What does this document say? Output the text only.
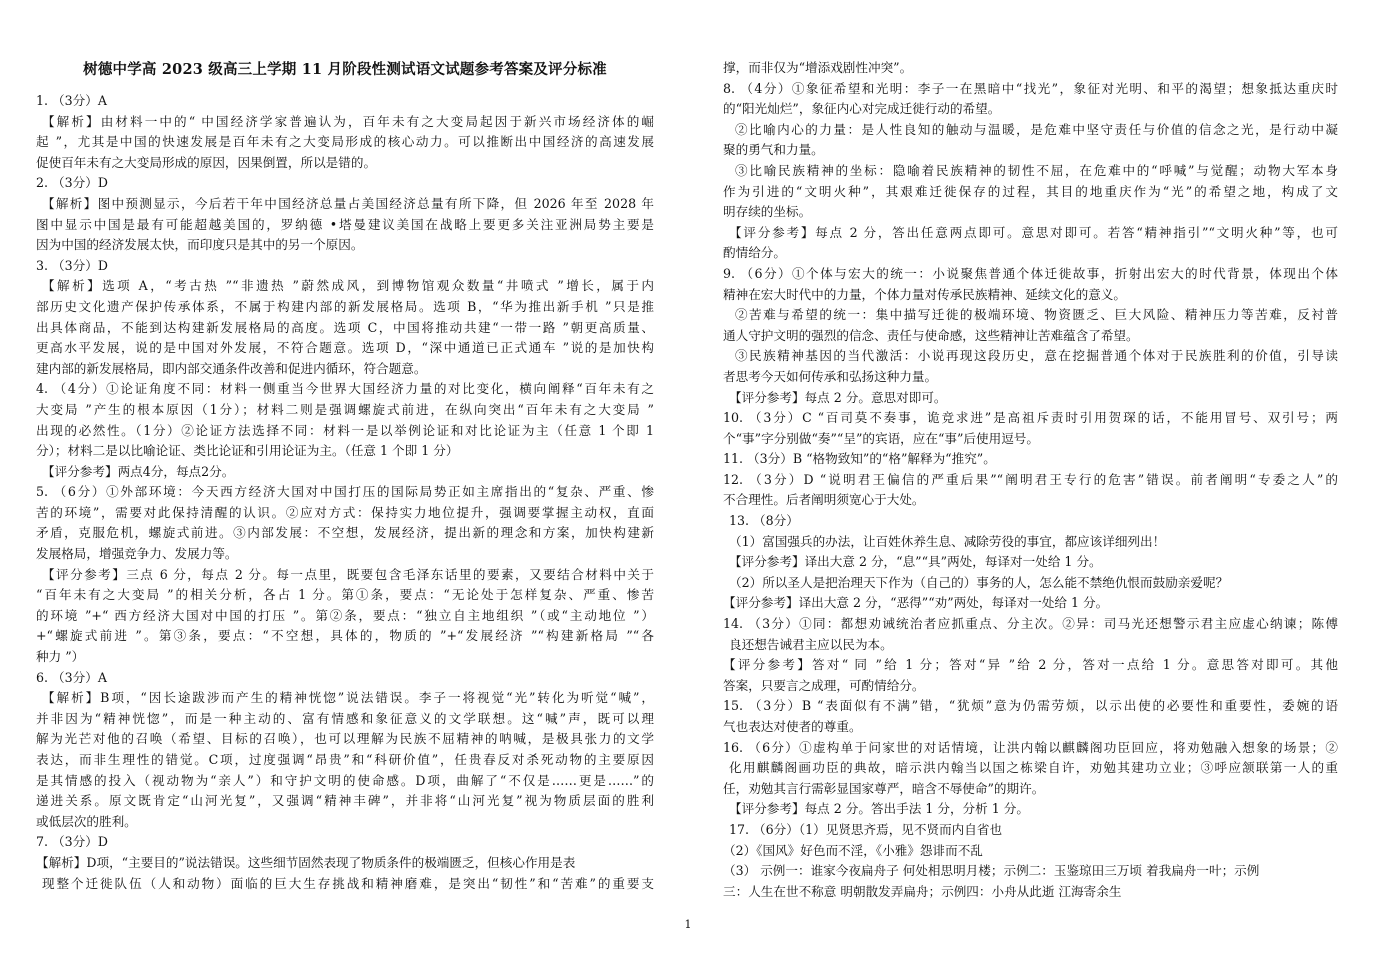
树德中学高 2023 级高三上学期 11 月阶段性测试语文试题参考答案及评分标准
1. （3分）A
【解析】由材料一中的“ 中国经济学家普遍认为，百年未有之大变局起因于新兴市场经济体的崛
起 ”，尤其是中国的快速发展是百年未有之大变局形成的核心动力。可以推断出中国经济的高速发展
促使百年未有之大变局形成的原因，因果倒置，所以是错的。
2. （3分）D
【解析】图中预测显示，今后若干年中国经济总量占美国经济总量有所下降，但 2026 年至 2028 年
图中显示中国是最有可能超越美国的，罗纳德 •塔曼建议美国在战略上要更多关注亚洲局势主要是
因为中国的经济发展太快，而印度只是其中的另一个原因。
3. （3分）D
【解析】选项 A，“考古热 ”“非遗热 ”蔚然成风，到博物馆观众数量“井喷式 ”增长，属于内
部历史文化遗产保护传承体系，不属于构建内部的新发展格局。选项 B，“华为推出新手机 ”只是推
出具体商品，不能到达构建新发展格局的高度。选项 C，中国将推动共建“一带一路 ”朝更高质量、
更高水平发展，说的是中国对外发展，不符合题意。选项 D，“深中通道已正式通车 ”说的是加快构
建内部的新发展格局，即内部交通条件改善和促进内循环，符合题意。
4. （4分）①论证角度不同：材料一侧重当今世界大国经济力量的对比变化，横向阐释“百年未有之
大变局 ”产生的根本原因（1分）；材料二则是强调螺旋式前进，在纵向突出“百年未有之大变局 ”
出现的必然性。（1分）②论证方法选择不同：材料一是以举例论证和对比论证为主（任意 1 个即 1
分）；材料二是以比喻论证、类比论证和引用论证为主。（任意 1 个即 1 分）
【评分参考】两点4分，每点2分。
5. （6分）①外部环境：今天西方经济大国对中国打压的国际局势正如主席指出的“复杂、严重、惨
苦的环境”，需要对此保持清醒的认识。②应对方式：保持实力地位提升，强调要掌握主动权，直面
矛盾，克服危机，螺旋式前进。③内部发展：不空想，发展经济，提出新的理念和方案，加快构建新
发展格局，增强竞争力、发展力等。
【评分参考】三点 6 分，每点 2 分。每一点里，既要包含毛泽东话里的要素，又要结合材料中关于
“百年未有之大变局 ”的相关分析，各占 1 分。第①条，要点：“无论处于怎样复杂、严重、惨苦
的环境 ”+“ 西方经济大国对中国的打压 ”。第②条，要点：“独立自主地组织 ”（或“主动地位 ”）
+“螺旋式前进 ”。第③条，要点：“不空想，具体的，物质的 ”+“发展经济 ”“构建新格局 ”“各
种力 ”）
6. （3分）A
【解析】B项，“因长途跋涉而产生的精神恍惚”说法错误。李子一将视觉“光”转化为听觉“喊”，
并非因为“精神恍惚”，而是一种主动的、富有情感和象征意义的文学联想。这“喊”声，既可以理
解为光芒对他的召唤（希望、目标的召唤），也可以理解为民族不屈精神的呐喊，是极具张力的文学
表达，而非生理性的错觉。C项，过度强调“昂贵”和“科研价值”，任贵春反对杀死动物的主要原因
是其情感的投入（视动物为“亲人”）和守护文明的使命感。D项，曲解了“不仅是……更是……”的
递进关系。原文既肯定“山河光复”，又强调“精神丰碑”，并非将“山河光复”视为物质层面的胜利
或低层次的胜利。
7. （3分）D
【解析】D项，“主要目的”说法错误。这些细节固然表现了物质条件的极端匮乏，但核心作用是表
现整个迁徙队伍（人和动物）面临的巨大生存挑战和精神磨难，是突出“韧性”和“苦难”的重要支
撑，而非仅为“增添戏剧性冲突”。
8. （4分）①象征希望和光明：李子一在黑暗中“找光”，象征对光明、和平的渴望；想象抵达重庆时
的“阳光灿烂”，象征内心对完成迁徙行动的希望。
②比喻内心的力量：是人性良知的触动与温暖，是危难中坚守责任与价值的信念之光，是行动中凝
聚的勇气和力量。
③比喻民族精神的坐标：隐喻着民族精神的韧性不屈，在危难中的“呼喊”与觉醒；动物大军本身
作为引进的“文明火种”，其艰难迁徙保存的过程，其目的地重庆作为“光”的希望之地，构成了文
明存续的坐标。
【评分参考】每点 2 分，答出任意两点即可。意思对即可。若答“精神指引”“文明火种”等，也可
酌情给分。
9. （6分）①个体与宏大的统一：小说聚焦普通个体迁徙故事，折射出宏大的时代背景，体现出个体
精神在宏大时代中的力量，个体力量对传承民族精神、延续文化的意义。
②苦难与希望的统一：集中描写迁徙的极端环境、物资匮乏、巨大风险、精神压力等苦难，反衬普
通人守护文明的强烈的信念、责任与使命感，这些精神让苦难蕴含了希望。
③民族精神基因的当代激活：小说再现这段历史，意在挖掘普通个体对于民族胜利的价值，引导读
者思考今天如何传承和弘扬这种力量。
【评分参考】每点 2 分。意思对即可。
10. （3分）C “百司莫不奏事，诡竞求进”是高祖斥责时引用贺琛的话，不能用冒号、双引号；两
个“事”字分别做“奏”“呈”的宾语，应在“事”后使用逗号。
11. （3分）B “格物致知”的“格”解释为“推究”。
12. （3分）D “说明君王偏信的严重后果”“阐明君王专行的危害”错误。前者阐明“专委之人”的
不合理性。后者阐明须宽心于大处。
13. （8分）
（1）富国强兵的办法，让百姓休养生息、减除劳役的事宜，都应该详细列出！
【评分参考】译出大意 2 分，“息”“具”两处，每译对一处给 1 分。
（2）所以圣人是把治理天下作为（自己的）事务的人，怎么能不禁绝仇恨而鼓励亲爱呢？
【评分参考】译出大意 2 分，“恶得”“劝”两处，每译对一处给 1 分。
14. （3分）①同：都想劝诫统治者应抓重点、分主次。②异：司马光还想警示君主应虚心纳谏；陈傅
良还想告诫君主应以民为本。
【评分参考】答对“ 同 ”给 1 分；答对“异 ”给 2 分，答对一点给 1 分。意思答对即可。其他
答案，只要言之成理，可酌情给分。
15. （3分）B “表面似有不满”错，“犹烦”意为仍需劳烦，以示出使的必要性和重要性，委婉的语
气也表达对使者的尊重。
16. （6分）①虚构单于问家世的对话情境，让洪内翰以麒麟阁功臣回应，将劝勉融入想象的场景；②
化用麒麟阁画功臣的典故，暗示洪内翰当以国之栋梁自许，劝勉其建功立业；③呼应颔联第一人的重
任，劝勉其言行需彰显国家尊严，暗含不辱使命”的期许。
【评分参考】每点 2 分。答出手法 1 分，分析 1 分。
17. （6分）（1）见贤思齐焉，见不贤而内自省也
（2）《国风》好色而不淫，《小雅》怨诽而不乱
（3） 示例一：谁家今夜扁舟子 何处相思明月楼；示例二：玉鉴琼田三万顷 着我扁舟一叶；示例
三：人生在世不称意 明朝散发弄扁舟；示例四：小舟从此逝 江海寄余生
1
